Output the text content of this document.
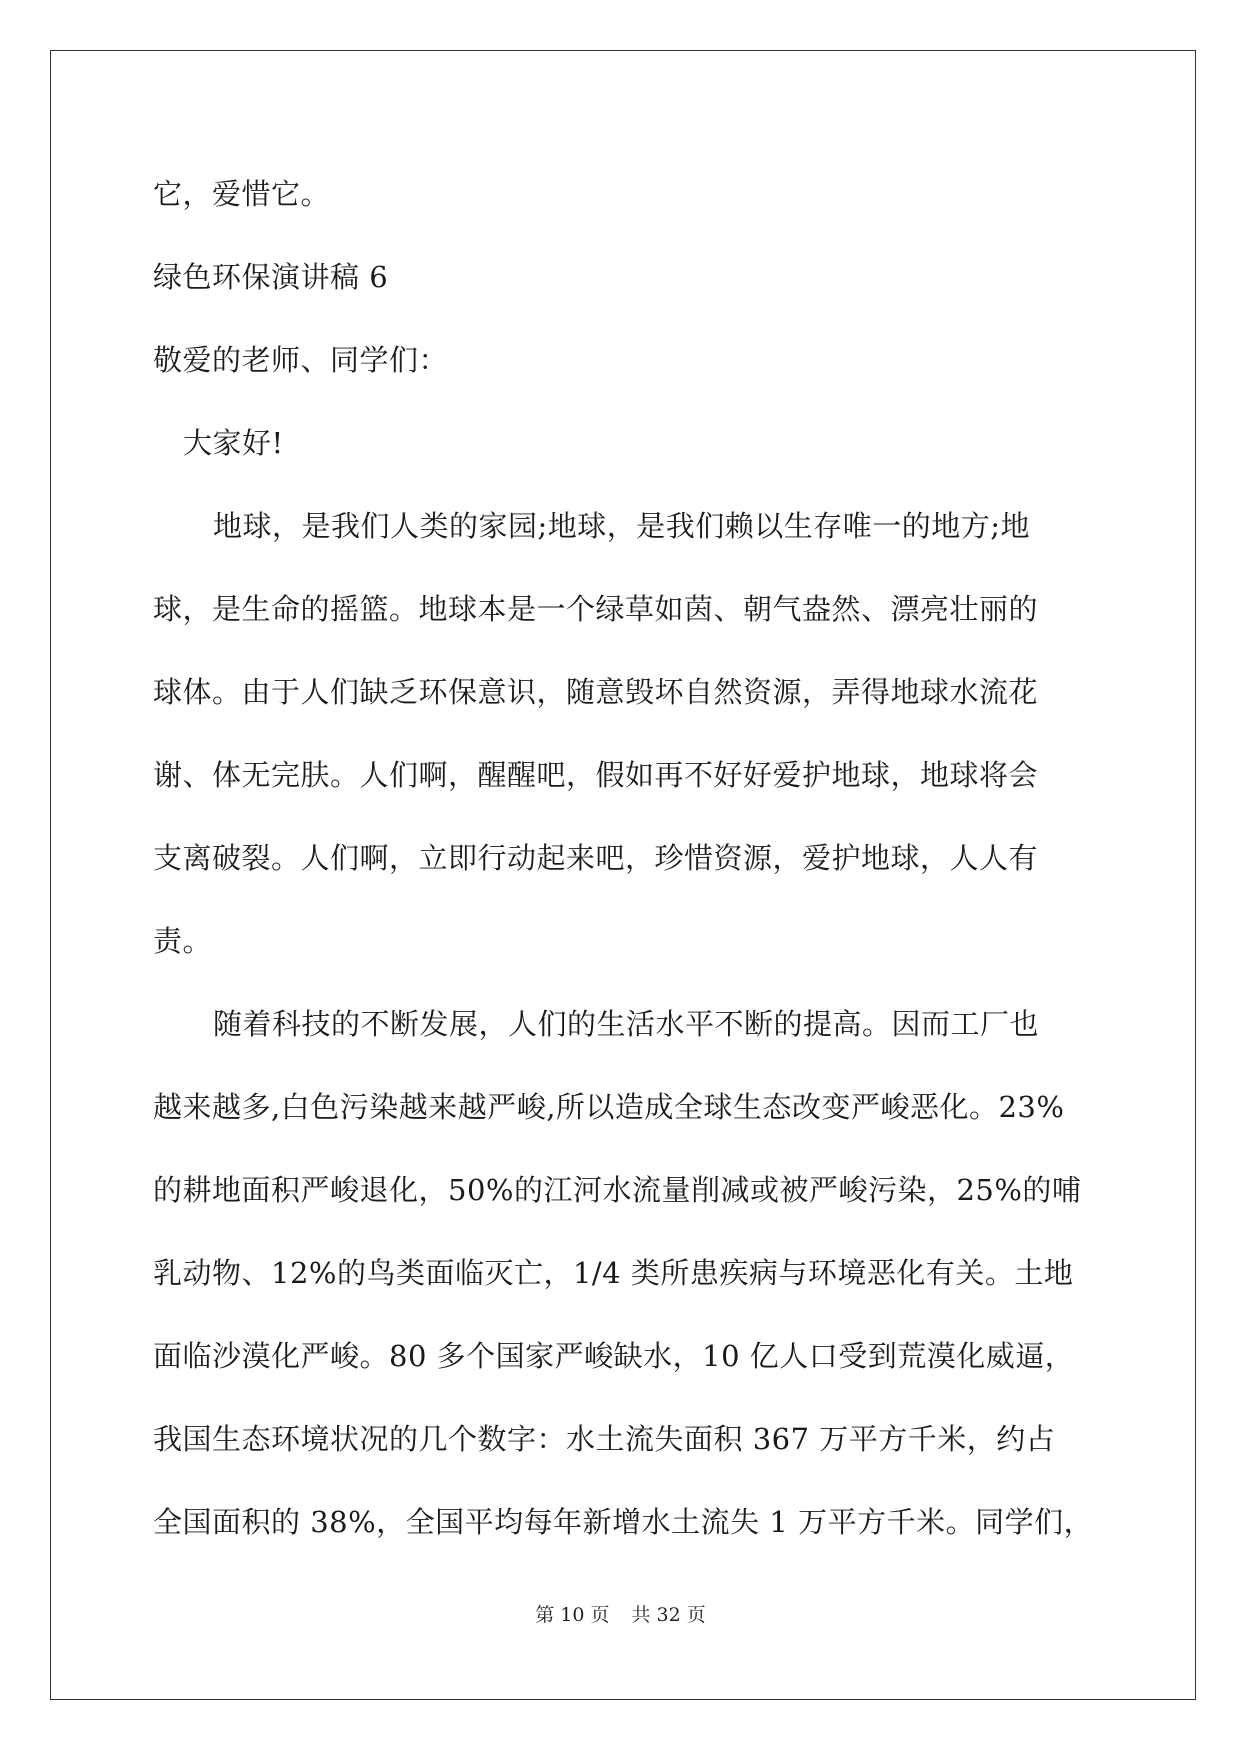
它，爱惜它。
绿色环保演讲稿 6
敬爱的老师、同学们：
大家好!
地球，是我们人类的家园;地球，是我们赖以生存唯一的地方;地
球，是生命的摇篮。地球本是一个绿草如茵、朝气盎然、漂亮壮丽的
球体。由于人们缺乏环保意识，随意毁坏自然资源，弄得地球水流花
谢、体无完肤。人们啊，醒醒吧，假如再不好好爱护地球，地球将会
支离破裂。人们啊，立即行动起来吧，珍惜资源，爱护地球，人人有
责。
随着科技的不断发展，人们的生活水平不断的提高。因而工厂也
越来越多,白色污染越来越严峻,所以造成全球生态改变严峻恶化。23%
的耕地面积严峻退化，50%的江河水流量削减或被严峻污染，25%的哺
乳动物、12%的鸟类面临灭亡，1/4 类所患疾病与环境恶化有关。土地
面临沙漠化严峻。80 多个国家严峻缺水，10 亿人口受到荒漠化威逼，
我国生态环境状况的几个数字：水土流失面积 367 万平方千米，约占
全国面积的 38%，全国平均每年新增水土流失 1 万平方千米。同学们，
第 10 页 共 32 页
